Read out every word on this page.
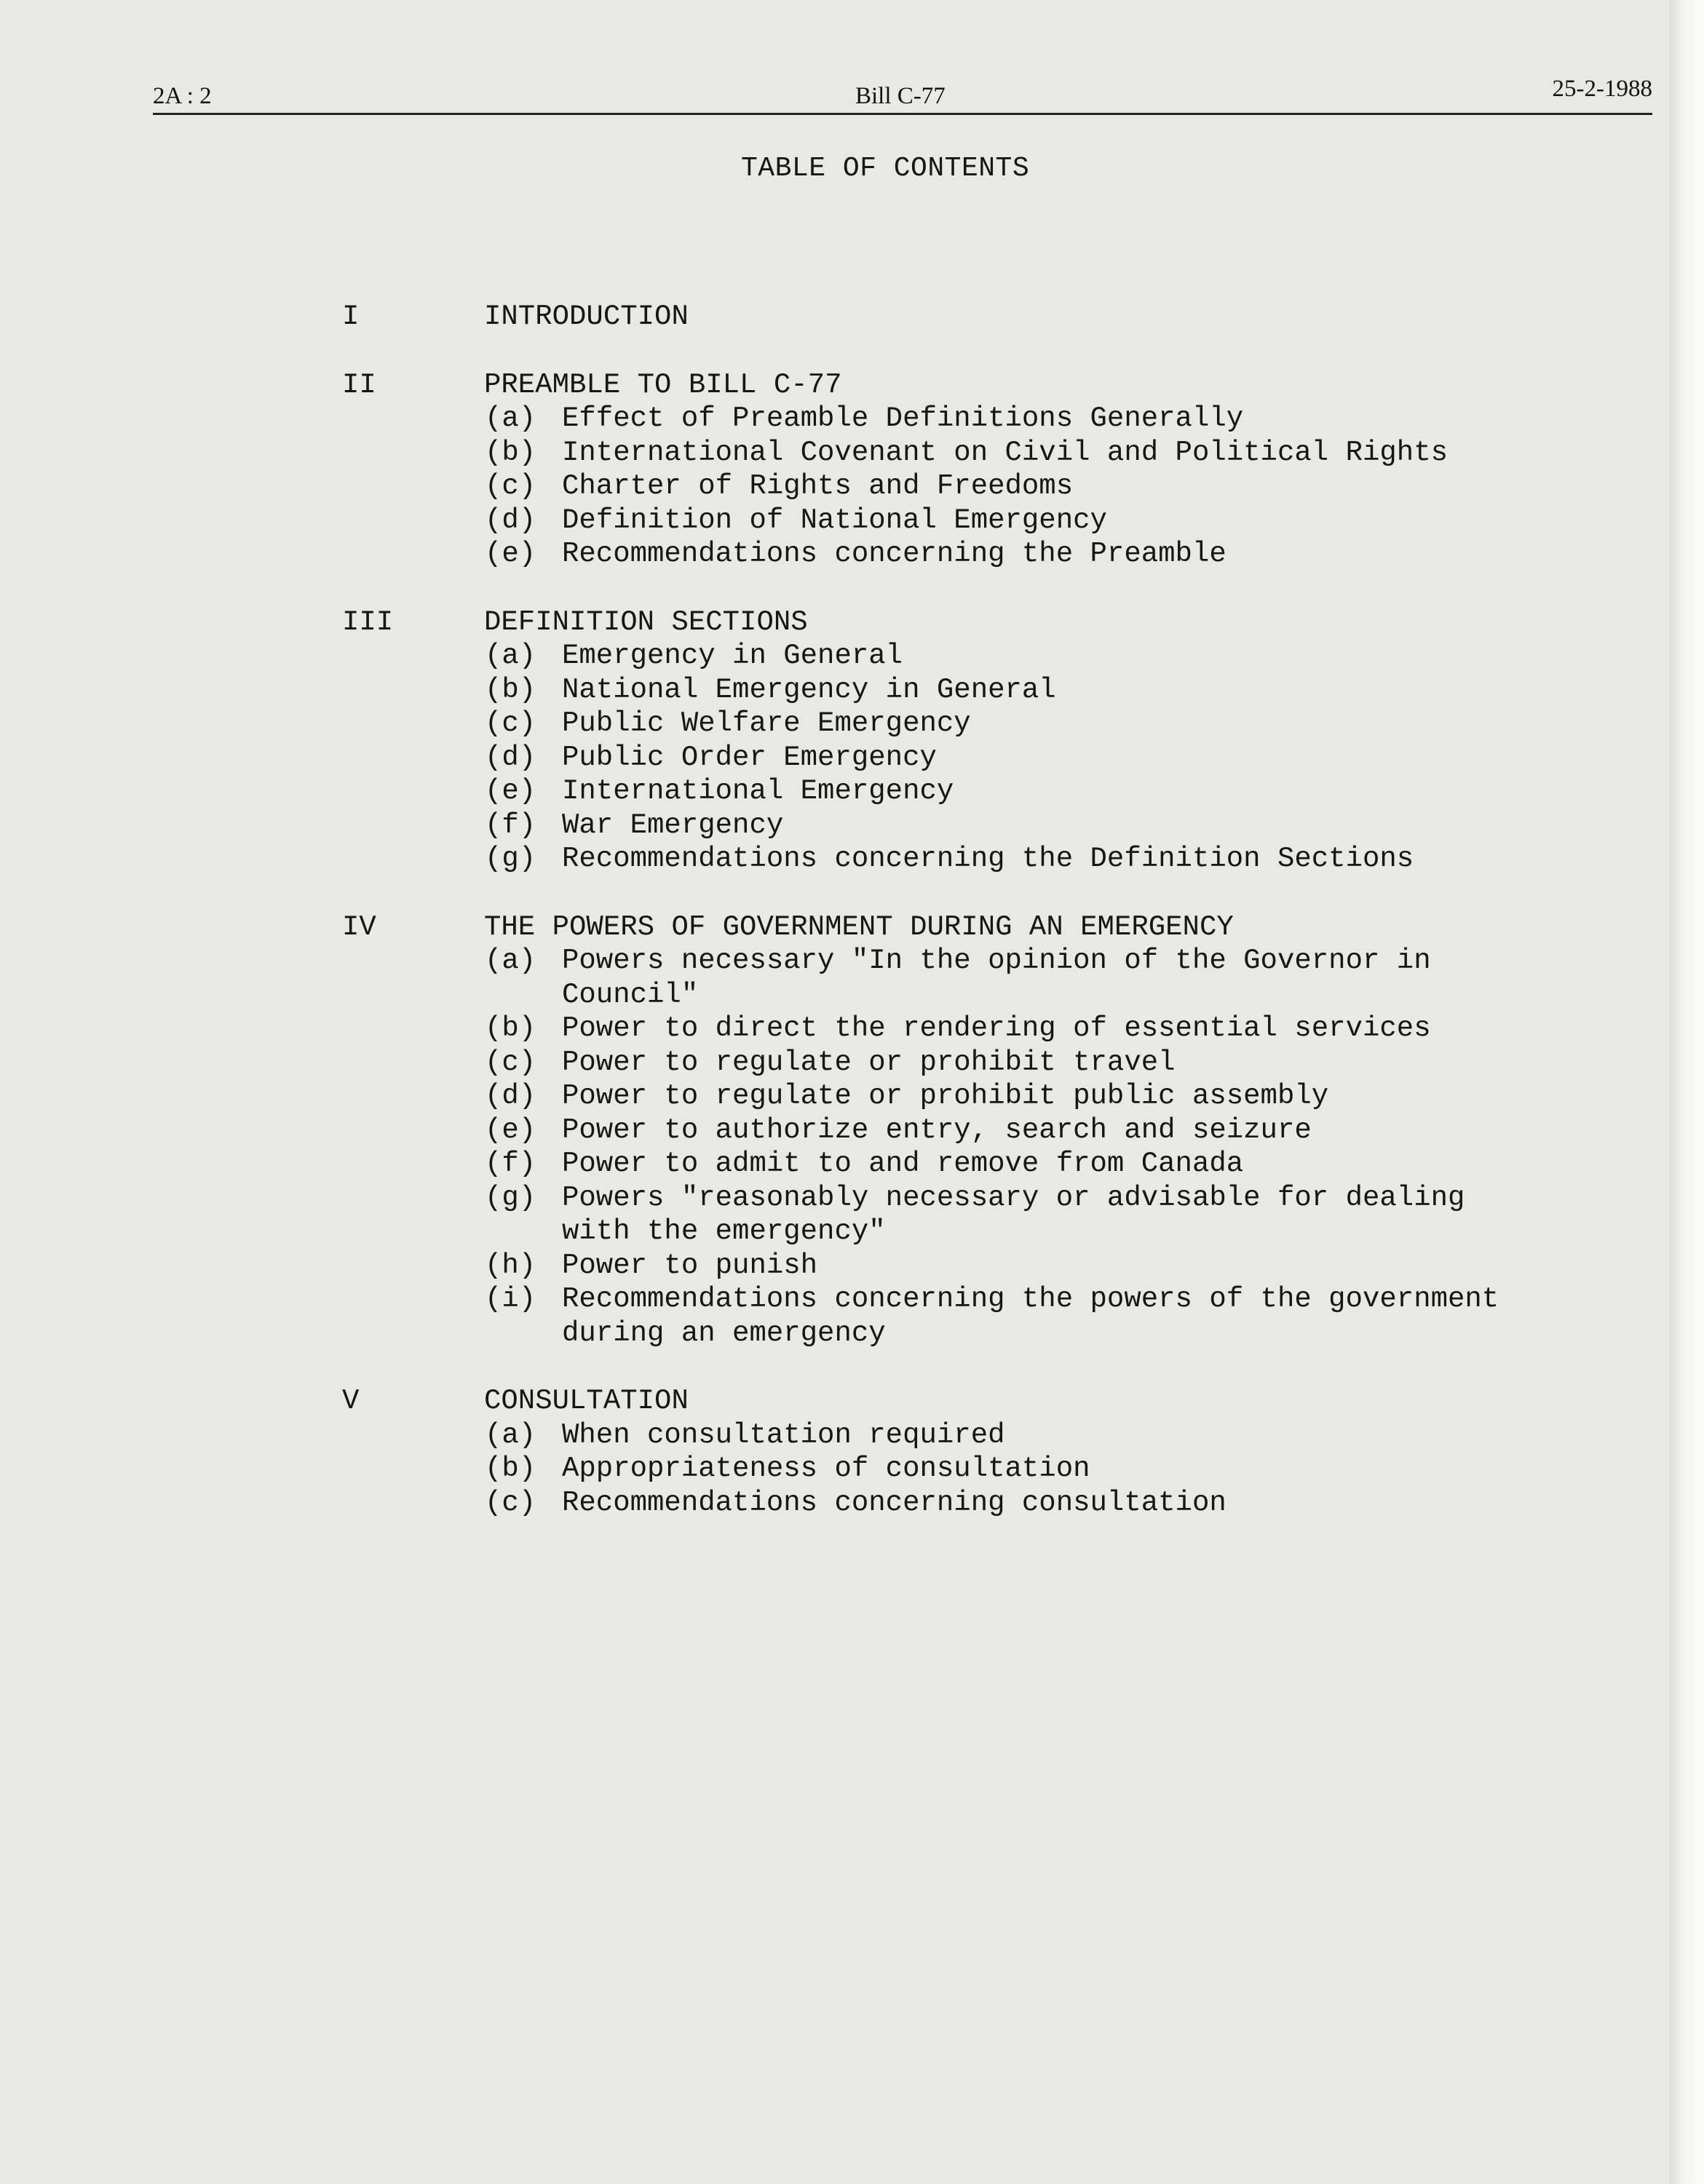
2A : 2	Bill C-77	25-2-1988
TABLE OF CONTENTS
I	INTRODUCTION
II	PREAMBLE TO BILL C-77
(a) Effect of Preamble Definitions Generally
(b) International Covenant on Civil and Political Rights
(c) Charter of Rights and Freedoms
(d) Definition of National Emergency
(e) Recommendations concerning the Preamble
III	DEFINITION SECTIONS
(a) Emergency in General
(b) National Emergency in General
(c) Public Welfare Emergency
(d) Public Order Emergency
(e) International Emergency
(f) War Emergency
(g) Recommendations concerning the Definition Sections
IV	THE POWERS OF GOVERNMENT DURING AN EMERGENCY
(a) Powers necessary "In the opinion of the Governor in Council"
(b) Power to direct the rendering of essential services
(c) Power to regulate or prohibit travel
(d) Power to regulate or prohibit public assembly
(e) Power to authorize entry, search and seizure
(f) Power to admit to and remove from Canada
(g) Powers "reasonably necessary or advisable for dealing with the emergency"
(h) Power to punish
(i) Recommendations concerning the powers of the government during an emergency
V	CONSULTATION
(a) When consultation required
(b) Appropriateness of consultation
(c) Recommendations concerning consultation
